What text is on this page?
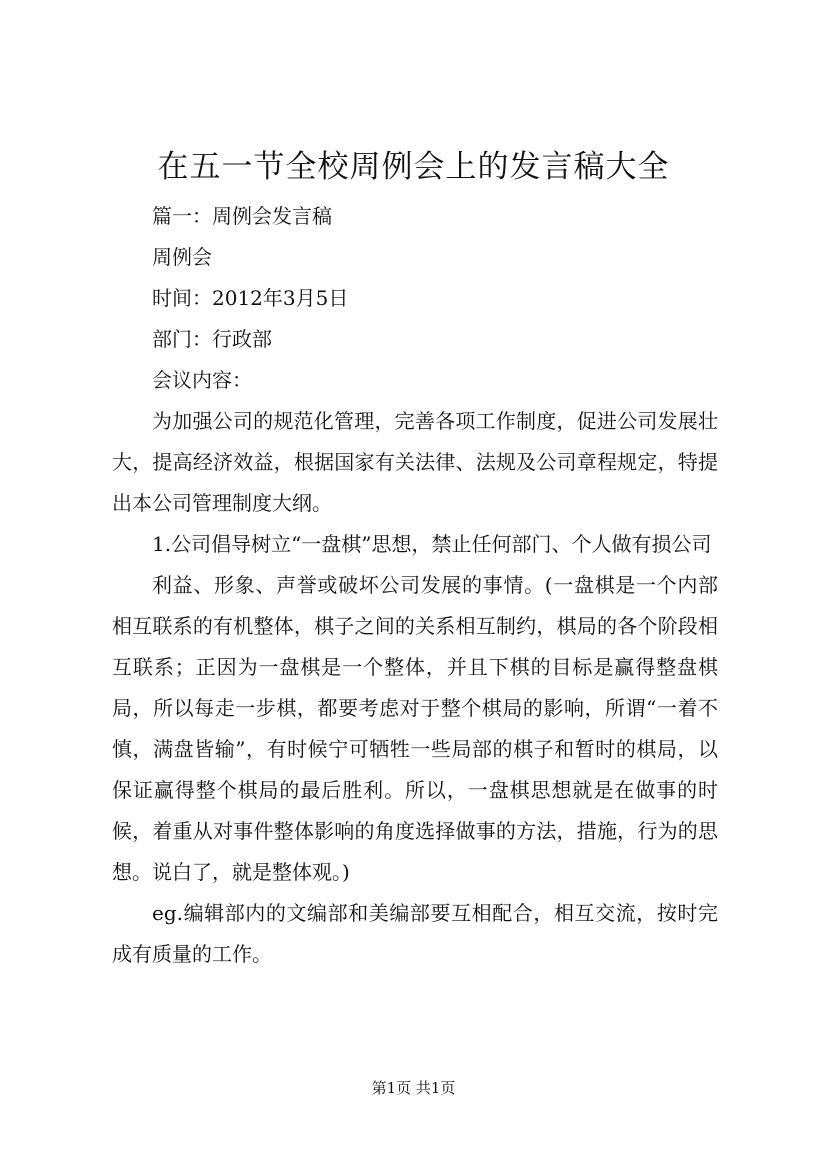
在五一节全校周例会上的发言稿大全

篇一：周例会发言稿

周例会

时间：2012年3月5日

部门：行政部

会议内容：

为加强公司的规范化管理，完善各项工作制度，促进公司发展壮大，提高经济效益，根据国家有关法律、法规及公司章程规定，特提出本公司管理制度大纲。

1.公司倡导树立“一盘棋”思想，禁止任何部门、个人做有损公司

利益、形象、声誉或破坏公司发展的事情。(一盘棋是一个内部相互联系的有机整体，棋子之间的关系相互制约，棋局的各个阶段相互联系；正因为一盘棋是一个整体，并且下棋的目标是赢得整盘棋局，所以每走一步棋，都要考虑对于整个棋局的影响，所谓“一着不慎，满盘皆输”，有时候宁可牺牲一些局部的棋子和暂时的棋局，以保证赢得整个棋局的最后胜利。所以，一盘棋思想就是在做事的时候，着重从对事件整体影响的角度选择做事的方法，措施，行为的思想。说白了，就是整体观。)

eg.编辑部内的文编部和美编部要互相配合，相互交流，按时完成有质量的工作。

第1页 共1页
